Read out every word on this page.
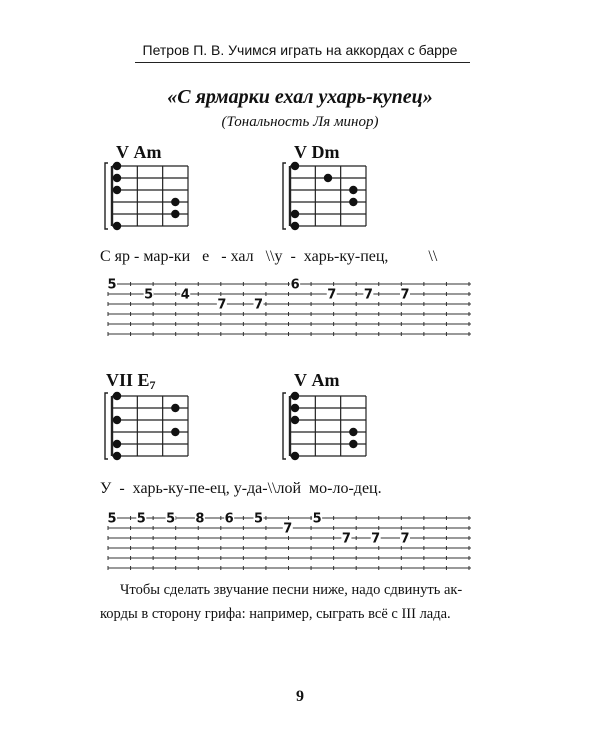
Петров П. В. Учимся играть на аккордах с барре
«С ярмарки ехал ухарь-купец»
(Тональность Ля минор)
V Am	V Dm
С яр - мар-ки   е   - хал   \\у  -  харь-ку-пец,          \\
5
5 4
7 7
6
7 7 7
VII $E_7$	V Am
У  -  харь-ку-пе-ец, у-да-\\лой  мо-ло-дец.
5 5 5 8 6 5
7
5
7 7 7
Чтобы сделать звучание песни ниже, надо сдвинуть ак-
корды в сторону грифа: например, сыграть всё с III лада.
9
